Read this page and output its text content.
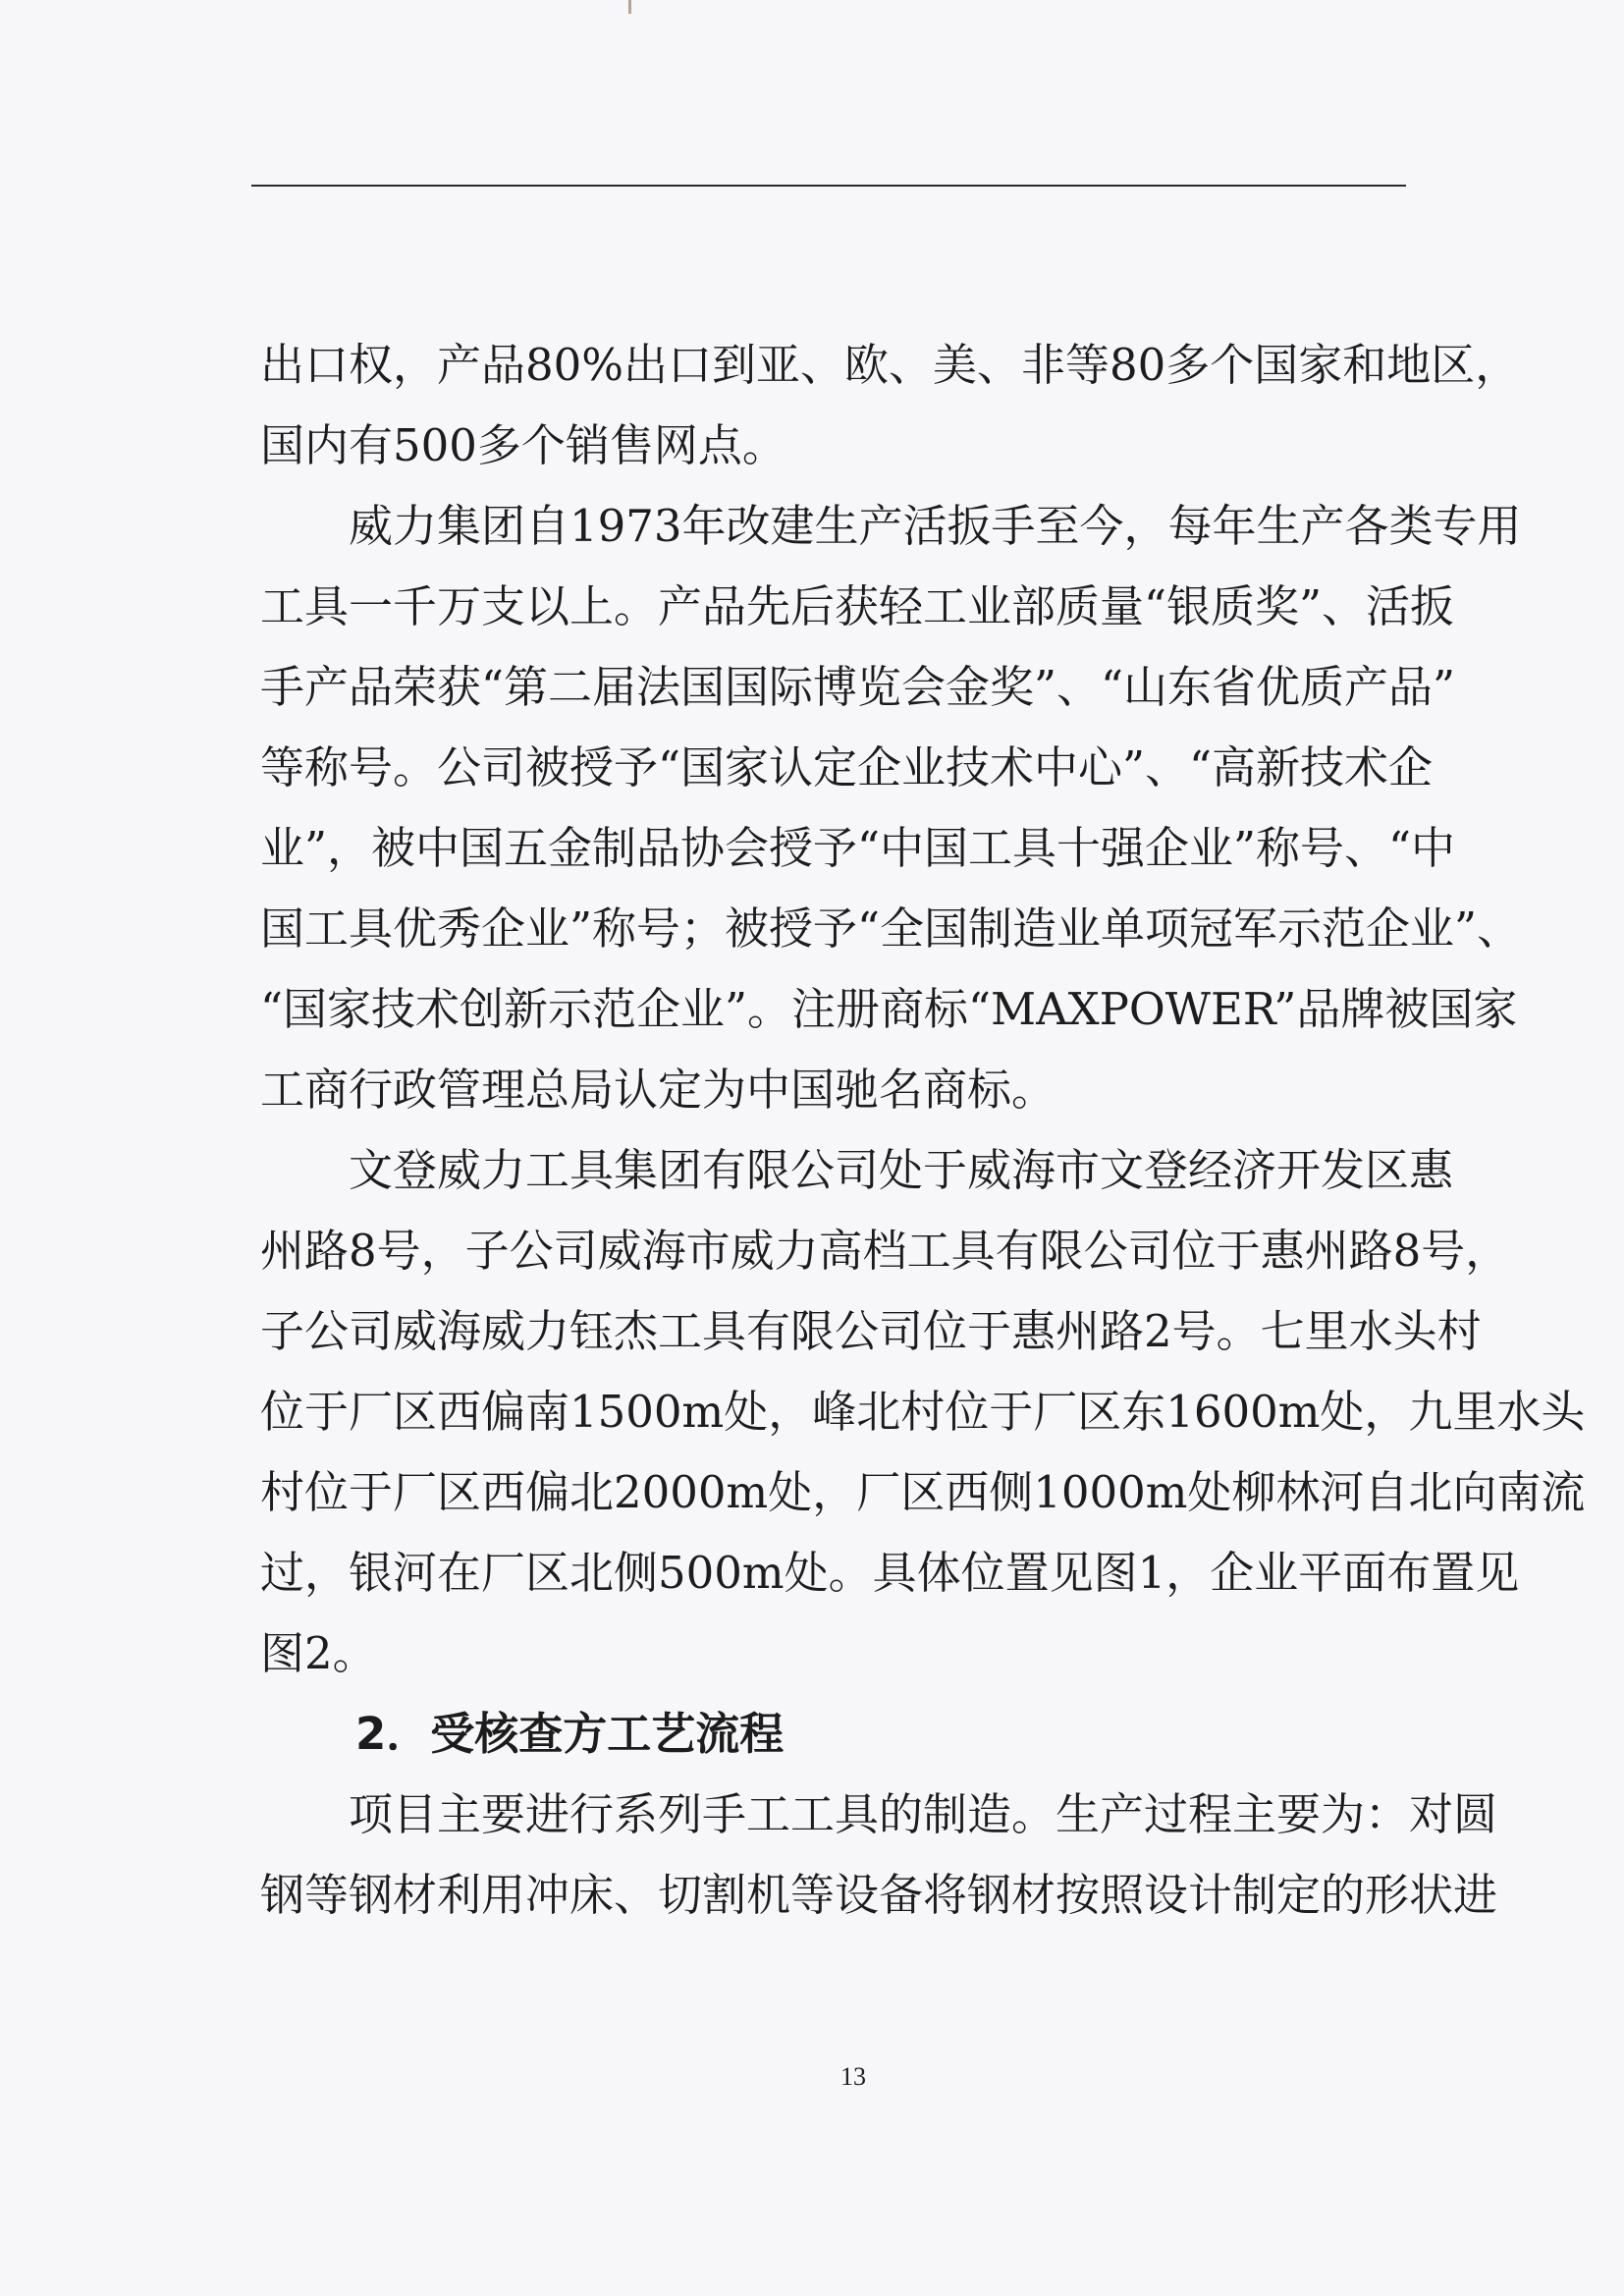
出口权，产品80%出口到亚、欧、美、非等80多个国家和地区，
国内有500多个销售网点。
威力集团自1973年改建生产活扳手至今，每年生产各类专用
工具一千万支以上。产品先后获轻工业部质量“银质奖”、活扳
手产品荣获“第二届法国国际博览会金奖”、“山东省优质产品”
等称号。公司被授予“国家认定企业技术中心”、“高新技术企
业”，被中国五金制品协会授予“中国工具十强企业”称号、“中
国工具优秀企业”称号；被授予“全国制造业单项冠军示范企业”、
“国家技术创新示范企业”。注册商标“MAXPOWER”品牌被国家
工商行政管理总局认定为中国驰名商标。
文登威力工具集团有限公司处于威海市文登经济开发区惠
州路8号，子公司威海市威力高档工具有限公司位于惠州路8号，
子公司威海威力钰杰工具有限公司位于惠州路2号。七里水头村
位于厂区西偏南1500m处，峰北村位于厂区东1600m处，九里水头
村位于厂区西偏北2000m处，厂区西侧1000m处柳林河自北向南流
过，银河在厂区北侧500m处。具体位置见图1，企业平面布置见
图2。
2．受核查方工艺流程
项目主要进行系列手工工具的制造。生产过程主要为：对圆
钢等钢材利用冲床、切割机等设备将钢材按照设计制定的形状进
13
